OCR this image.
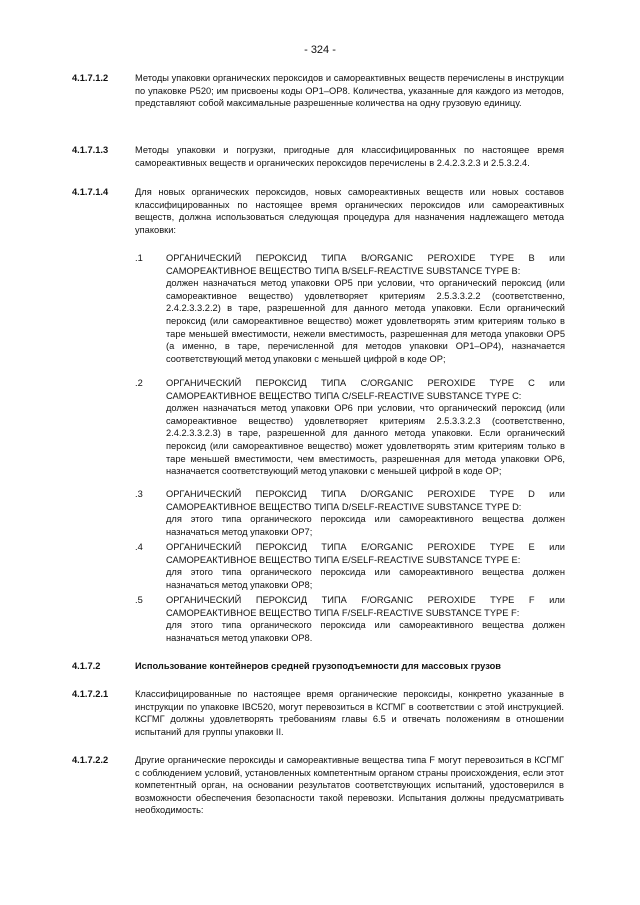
- 324 -
4.1.7.1.2	Методы упаковки органических пероксидов и самореактивных веществ перечислены в инструкции по упаковке P520; им присвоены коды OP1–OP8. Количества, указанные для каждого из методов, представляют собой максимальные разрешенные количества на одну грузовую единицу.
4.1.7.1.3	Методы упаковки и погрузки, пригодные для классифицированных по настоящее время самореактивных веществ и органических пероксидов перечислены в 2.4.2.3.2.3 и 2.5.3.2.4.
4.1.7.1.4	Для новых органических пероксидов, новых самореактивных веществ или новых составов классифицированных по настоящее время органических пероксидов или самореактивных веществ, должна использоваться следующая процедура для назначения надлежащего метода упаковки:
.1 ОРГАНИЧЕСКИЙ ПЕРОКСИД ТИПА B/ORGANIC PEROXIDE TYPE B или САМОРЕАКТИВНОЕ ВЕЩЕСТВО ТИПА B/SELF-REACTIVE SUBSTANCE TYPE B:
должен назначаться метод упаковки OP5 при условии, что органический пероксид (или самореактивное вещество) удовлетворяет критериям 2.5.3.3.2.2 (соответственно, 2.4.2.3.3.2.2) в таре, разрешенной для данного метода упаковки. Если органический пероксид (или самореактивное вещество) может удовлетворять этим критериям только в таре меньшей вместимости, нежели вместимость, разрешенная для метода упаковки OP5 (а именно, в таре, перечисленной для методов упаковки OP1–OP4), назначается соответствующий метод упаковки с меньшей цифрой в коде OP;
.2 ОРГАНИЧЕСКИЙ ПЕРОКСИД ТИПА C/ORGANIC PEROXIDE TYPE C или САМОРЕАКТИВНОЕ ВЕЩЕСТВО ТИПА C/SELF-REACTIVE SUBSTANCE TYPE C:
должен назначаться метод упаковки OP6 при условии, что органический пероксид (или самореактивное вещество) удовлетворяет критериям 2.5.3.3.2.3 (соответственно, 2.4.2.3.3.2.3) в таре, разрешенной для данного метода упаковки. Если органический пероксид (или самореактивное вещество) может удовлетворять этим критериям только в таре меньшей вместимости, чем вместимость, разрешенная для метода упаковки OP6, назначается соответствующий метод упаковки с меньшей цифрой в коде OP;
.3 ОРГАНИЧЕСКИЙ ПЕРОКСИД ТИПА D/ORGANIC PEROXIDE TYPE D или САМОРЕАКТИВНОЕ ВЕЩЕСТВО ТИПА D/SELF-REACTIVE SUBSTANCE TYPE D:
для этого типа органического пероксида или самореактивного вещества должен назначаться метод упаковки OP7;
.4 ОРГАНИЧЕСКИЙ ПЕРОКСИД ТИПА E/ORGANIC PEROXIDE TYPE E или САМОРЕАКТИВНОЕ ВЕЩЕСТВО ТИПА E/SELF-REACTIVE SUBSTANCE TYPE E:
для этого типа органического пероксида или самореактивного вещества должен назначаться метод упаковки OP8;
.5 ОРГАНИЧЕСКИЙ ПЕРОКСИД ТИПА F/ORGANIC PEROXIDE TYPE F или САМОРЕАКТИВНОЕ ВЕЩЕСТВО ТИПА F/SELF-REACTIVE SUBSTANCE TYPE F:
для этого типа органического пероксида или самореактивного вещества должен назначаться метод упаковки OP8.
4.1.7.2	Использование контейнеров средней грузоподъемности для массовых грузов
4.1.7.2.1	Классифицированные по настоящее время органические пероксиды, конкретно указанные в инструкции по упаковке IBC520, могут перевозиться в КСГМГ в соответствии с этой инструкцией. КСГМГ должны удовлетворять требованиям главы 6.5 и отвечать положениям в отношении испытаний для группы упаковки II.
4.1.7.2.2	Другие органические пероксиды и самореактивные вещества типа F могут перевозиться в КСГМГ с соблюдением условий, установленных компетентным органом страны происхождения, если этот компетентный орган, на основании результатов соответствующих испытаний, удостоверился в возможности обеспечения безопасности такой перевозки. Испытания должны предусматривать необходимость:
